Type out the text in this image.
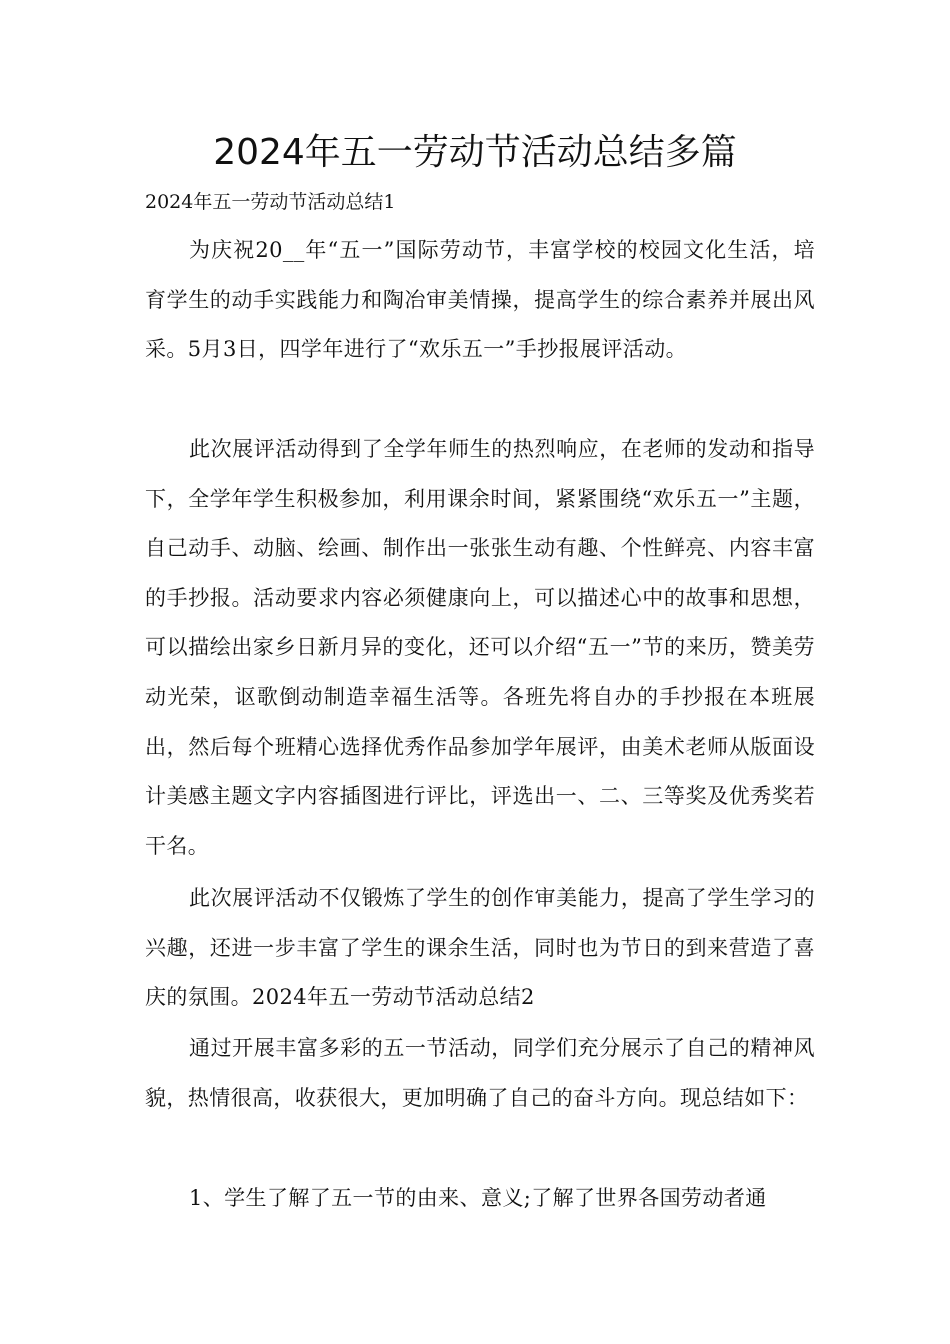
2024年五一劳动节活动总结多篇

2024年五一劳动节活动总结1

为庆祝20__年“五一”国际劳动节，丰富学校的校园文化生活，培育学生的动手实践能力和陶冶审美情操，提高学生的综合素养并展出风采。5月3日，四学年进行了“欢乐五一”手抄报展评活动。

此次展评活动得到了全学年师生的热烈响应，在老师的发动和指导下，全学年学生积极参加，利用课余时间，紧紧围绕“欢乐五一”主题，自己动手、动脑、绘画、制作出一张张生动有趣、个性鲜亮、内容丰富的手抄报。活动要求内容必须健康向上，可以描述心中的故事和思想，可以描绘出家乡日新月异的变化，还可以介绍“五一”节的来历，赞美劳动光荣，讴歌倒动制造幸福生活等。各班先将自办的手抄报在本班展出，然后每个班精心选择优秀作品参加学年展评，由美术老师从版面设计美感主题文字内容插图进行评比，评选出一、二、三等奖及优秀奖若干名。

此次展评活动不仅锻炼了学生的创作审美能力，提高了学生学习的兴趣，还进一步丰富了学生的课余生活，同时也为节日的到来营造了喜庆的氛围。2024年五一劳动节活动总结2

通过开展丰富多彩的五一节活动，同学们充分展示了自己的精神风貌，热情很高，收获很大，更加明确了自己的奋斗方向。现总结如下：

1、学生了解了五一节的由来、意义;了解了世界各国劳动者通
